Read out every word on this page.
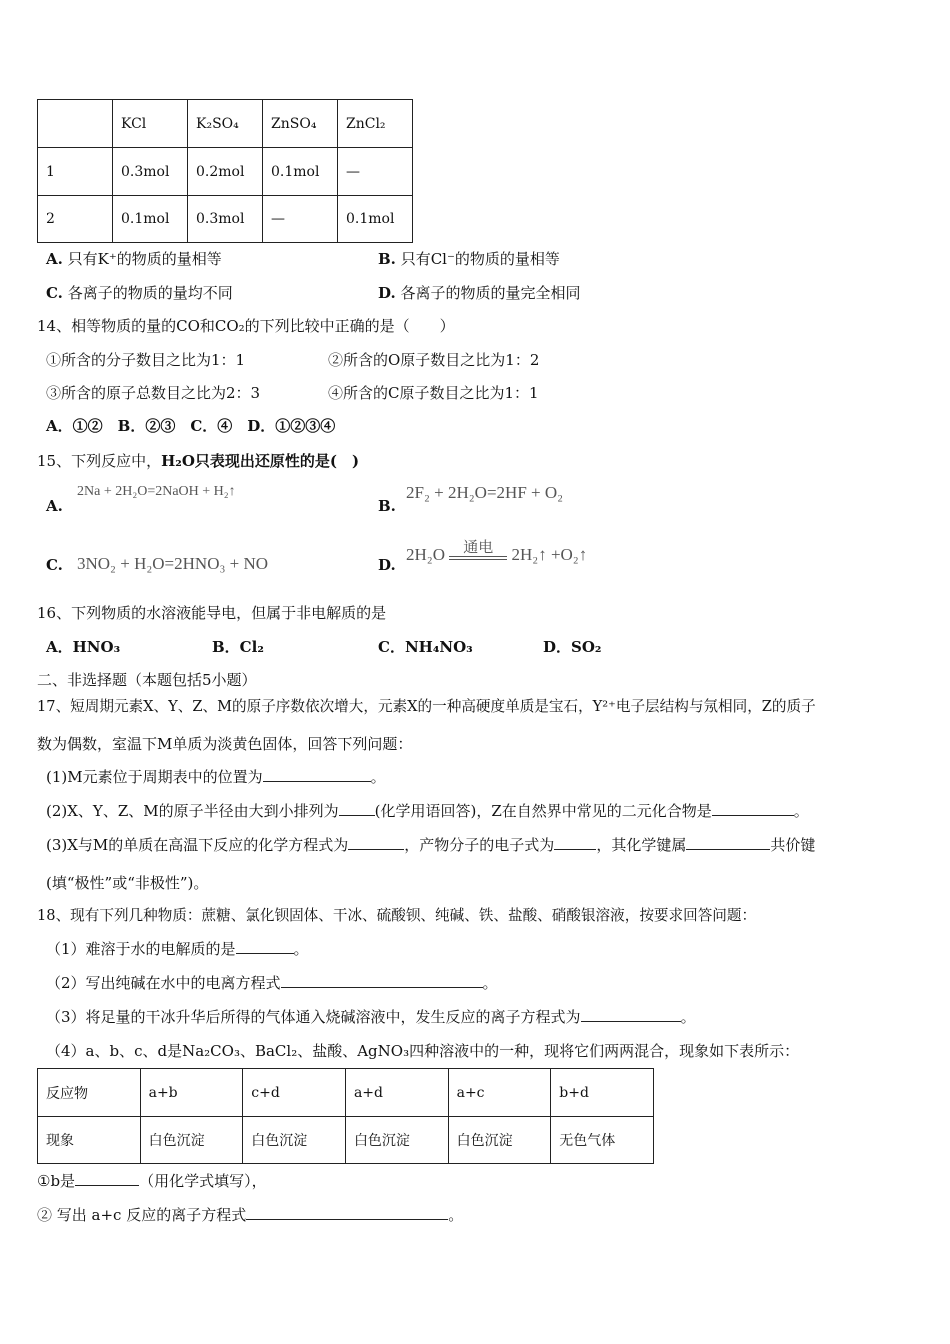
	KCl	K₂SO₄	ZnSO₄	ZnCl₂
1	0.3mol	0.2mol	0.1mol	—
2	0.1mol	0.3mol	—	0.1mol
A. 只有K⁺的物质的量相等	B. 只有Cl⁻的物质的量相等
C. 各离子的物质的量均不同	D. 各离子的物质的量完全相同
14、相等物质的量的CO和CO₂的下列比较中正确的是（　　）
①所含的分子数目之比为1：1	②所含的O原子数目之比为1：2
③所含的原子总数目之比为2：3	④所含的C原子数目之比为1：1
A．①②　B．②③　C．④　D．①②③④
15、下列反应中，H₂O只表现出还原性的是(　)
A.
2Na + 2H₂O=2NaOH + H₂↑
B.
2F₂ + 2H₂O=2HF + O₂
C. 3NO₂ + H₂O=2HNO₃ + NO	D.
2H₂O	通电	2H₂↑ +O₂↑
16、下列物质的水溶液能导电，但属于非电解质的是
A．HNO₃	B．Cl₂	C．NH₄NO₃	D．SO₂
二、非选择题（本题包括5小题）
17、短周期元素X、Y、Z、M的原子序数依次增大，元素X的一种高硬度单质是宝石，Y²⁺电子层结构与氖相同，Z的质子
数为偶数，室温下M单质为淡黄色固体，回答下列问题：
(1)M元素位于周期表中的位置为	。
(2)X、Y、Z、M的原子半径由大到小排列为 (化学用语回答)，Z在自然界中常见的二元化合物是	。
(3)X与M的单质在高温下反应的化学方程式为	，产物分子的电子式为	，其化学键属	共价键
(填“极性”或“非极性”)。
18、现有下列几种物质：蔗糖、氯化钡固体、干冰、硫酸钡、纯碱、铁、盐酸、硝酸银溶液，按要求回答问题：
（1）难溶于水的电解质的是	。
（2）写出纯碱在水中的电离方程式	。
（3）将足量的干冰升华后所得的气体通入烧碱溶液中，发生反应的离子方程式为	。
（4）a、b、c、d是Na₂CO₃、BaCl₂、盐酸、AgNO₃四种溶液中的一种，现将它们两两混合，现象如下表所示：
反应物	a+b	c+d	a+d	a+c	b+d
现象	白色沉淀	白色沉淀	白色沉淀	白色沉淀	无色气体
①b是	（用化学式填写），
② 写出 a+c 反应的离子方程式	。
